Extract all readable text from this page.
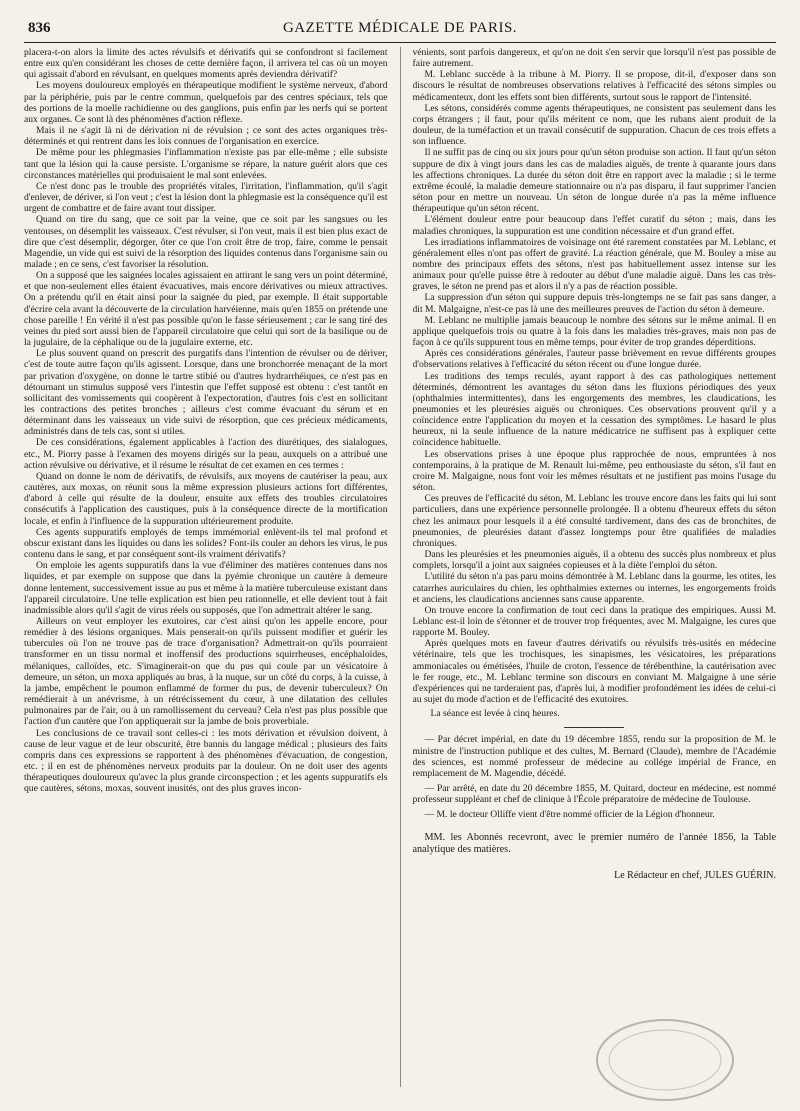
836	GAZETTE MÉDICALE DE PARIS.

placera-t-on alors la limite des actes révulsifs et dérivatifs qui se confondront si facilement entre eux qu'en considérant les choses de cette dernière façon, il arrivera tel cas où un moyen qui agissait d'abord en révulsant, en quelques moments après deviendra dérivatif?

Les moyens douloureux employés en thérapeutique modifient le système nerveux, d'abord par la périphérie, puis par le centre commun, quelquefois par des centres spéciaux, tels que des portions de la moelle rachidienne ou des ganglions, puis enfin par les nerfs qui se portent aux organes. Ce sont là des phénomènes d'action réflexe.

Mais il ne s'agit là ni de dérivation ni de révulsion ; ce sont des actes organiques très-déterminés et qui rentrent dans les lois connues de l'organisation en exercice.

De même pour les phlegmasies l'inflammation n'existe pas par elle-même ; elle subsiste tant que la lésion qui la cause persiste. L'organisme se répare, la nature guérit alors que ces circonstances matérielles qui produisaient le mal sont enlevées.

Ce n'est donc pas le trouble des propriétés vitales, l'irritation, l'inflammation, qu'il s'agit d'enlever, de dériver, si l'on veut ; c'est la lésion dont la phlegmasie est la conséquence qu'il est urgent de combattre et de faire avant tout dissiper.

Quand on tire du sang, que ce soit par la veine, que ce soit par les sangsues ou les ventouses, on désemplit les vaisseaux. C'est révulser, si l'on veut, mais il est bien plus exact de dire que c'est désemplir, dégorger, ôter ce que l'on croit être de trop, faire, comme le pensait Magendie, un vide qui est suivi de la résorption des liquides contenus dans l'organisme sain ou malade ; en ce sens, c'est favoriser la résolution.

On a supposé que les saignées locales agissaient en attirant le sang vers un point déterminé, et que non-seulement elles étaient évacuatives, mais encore dérivatives ou mieux attractives. On a prétendu qu'il en était ainsi pour la saignée du pied, par exemple. Il était supportable d'écrire cela avant la découverte de la circulation harvéienne, mais qu'en 1855 on prétende une chose pareille ! En vérité il n'est pas possible qu'on le fasse sérieusement ; car le sang tiré des veines du pied sort aussi bien de l'appareil circulatoire que celui qui sort de la basilique ou de la jugulaire, de la céphalique ou de la jugulaire externe, etc.

Le plus souvent quand on prescrit des purgatifs dans l'intention de révulser ou de dériver, c'est de toute autre façon qu'ils agissent. Lorsque, dans une bronchorrée menaçant de la mort par privation d'oxygène, on donne le tartre stibié ou d'autres hydrarrhéiques, ce n'est pas en détournant un stimulus supposé vers l'intestin que l'effet supposé est obtenu : c'est tantôt en sollicitant des vomissements qui coopèrent à l'expectoration, d'autres fois c'est en sollicitant les contractions des petites bronches ; ailleurs c'est comme évacuant du sérum et en déterminant dans les vaisseaux un vide suivi de résorption, que ces précieux médicaments, administrés dans de tels cas, sont si utiles.

De ces considérations, également applicables à l'action des diurétiques, des sialalogues, etc., M. Piorry passe à l'examen des moyens dirigés sur la peau, auxquels on a attribué une action révulsive ou dérivative, et il résume le résultat de cet examen en ces termes :

Quand on donne le nom de dérivatifs, de révulsifs, aux moyens de cautériser la peau, aux cautères, aux moxas, on réunit sous la même expression plusieurs actions fort différentes, d'abord à celle qui résulte de la douleur, ensuite aux effets des troubles circulatoires consécutifs à l'application des caustiques, puis à la conséquence directe de la mortification locale, et enfin à l'influence de la suppuration ultérieurement produite.

Ces agents suppuratifs employés de temps immémorial enlèvent-ils tel mal profond et obscur existant dans les liquides ou dans les solides? Font-ils couler au dehors les virus, le pus contenu dans le sang, et par conséquent sont-ils vraiment dérivatifs?

On emploie les agents suppuratifs dans la vue d'éliminer des matières contenues dans nos liquides, et par exemple on suppose que dans la pyémie chronique un cautère à demeure donne lentement, successivement issue au pus et même à la matière tuberculeuse existant dans l'appareil circulatoire. Une telle explication est bien peu rationnelle, et elle devient tout à fait inadmissible alors qu'il s'agit de virus réels ou supposés, que l'on admettrait altérer le sang.

Ailleurs on veut employer les exutoires, car c'est ainsi qu'on les appelle encore, pour remédier à des lésions organiques. Mais penserait-on qu'ils puissent modifier et guérir les tubercules où l'on ne trouve pas de trace d'organisation? Admettrait-on qu'ils pourraient transformer en un tissu normal et inoffensif des productions squirrheuses, encéphaloïdes, mélaniques, calloïdes, etc. S'imaginerait-on que du pus qui coule par un vésicatoire à demeure, un séton, un moxa appliqués au bras, à la nuque, sur un côté du corps, à la cuisse, à la jambe, empêchent le poumon enflammé de former du pus, de devenir tuberculeux? On remédierait à un anévrisme, à un rétrécissement du cœur, à une dilatation des cellules pulmonaires par de l'air, ou à un ramollissement du cerveau? Cela n'est pas plus possible que l'action d'un cautère que l'on appliquerait sur la jambe de bois proverbiale.

Les conclusions de ce travail sont celles-ci : les mots dérivation et révulsion doivent, à cause de leur vague et de leur obscurité, être bannis du langage médical ; plusieurs des faits compris dans ces expressions se rapportent à des phénomènes d'évacuation, de congestion, etc. ; il en est de phénomènes nerveux produits par la douleur. On ne doit user des agents thérapeutiques douloureux qu'avec la plus grande circonspection ; et les agents suppuratifs els que cautères, sétons, moxas, souvent inusités, ont des plus graves incon-

vénients, sont parfois dangereux, et qu'on ne doit s'en servir que lorsqu'il n'est pas possible de faire autrement.

M. Leblanc succède à la tribune à M. Piorry. Il se propose, dit-il, d'exposer dans son discours le résultat de nombreuses observations relatives à l'efficacité des sétons simples ou médicamenteux, dont les effets sont bien différents, surtout sous le rapport de l'intensité.

Les sétons, considérés comme agents thérapeutiques, ne consistent pas seulement dans les corps étrangers ; il faut, pour qu'ils méritent ce nom, que les rubans aient produit de la douleur, de la tuméfaction et un travail consécutif de suppuration. Chacun de ces trois effets a son influence.

Il ne suffit pas de cinq ou six jours pour qu'un séton produise son action. Il faut qu'un séton suppure de dix à vingt jours dans les cas de maladies aiguës, de trente à quarante jours dans les affections chroniques. La durée du séton doit être en rapport avec la maladie ; si le terme extrême écoulé, la maladie demeure stationnaire ou n'a pas disparu, il faut supprimer l'ancien séton pour en mettre un nouveau. Un séton de longue durée n'a pas la même influence thérapeutique qu'un séton récent.

L'élément douleur entre pour beaucoup dans l'effet curatif du séton ; mais, dans les maladies chroniques, la suppuration est une condition nécessaire et d'un grand effet.

Les irradiations inflammatoires de voisinage ont été rarement constatées par M. Leblanc, et généralement elles n'ont pas offert de gravité. La réaction générale, que M. Bouley a mise au nombre des principaux effets des sétons, n'est pas habituellement assez intense sur les animaux pour qu'elle puisse être à redouter au début d'une maladie aiguë. Dans les cas très-graves, le séton ne prend pas et alors il n'y a pas de réaction possible.

La suppression d'un séton qui suppure depuis très-longtemps ne se fait pas sans danger, a dit M. Malgaigne, n'est-ce pas là une des meilleures preuves de l'action du séton à demeure.

M. Leblanc ne multiplie jamais beaucoup le nombre des sétons sur le même animal. Il en applique quelquefois trois ou quatre à la fois dans les maladies très-graves, mais non pas de façon à ce qu'ils suppurent tous en même temps, pour éviter de trop grandes déperditions.

Après ces considérations générales, l'auteur passe brièvement en revue différents groupes d'observations relatives à l'efficacité du séton récent ou d'une longue durée.

Les traditions des temps reculés, ayant rapport à des cas pathologiques nettement déterminés, démontrent les avantages du séton dans les fluxions périodiques des yeux (ophthalmies intermittentes), dans les engorgements des membres, les claudications, les pneumonies et les pleurésies aiguës ou chroniques. Ces observations prouvent qu'il y a coïncidence entre l'application du moyen et la cessation des symptômes. Le hasard le plus heureux, ni la seule influence de la nature médicatrice ne suffisent pas à expliquer cette coïncidence habituelle.

Les observations prises à une époque plus rapprochée de nous, empruntées à nos contemporains, à la pratique de M. Renault lui-même, peu enthousiaste du séton, s'il faut en croire M. Malgaigne, nous font voir les mêmes résultats et ne justifient pas moins l'usage du séton.

Ces preuves de l'efficacité du séton, M. Leblanc les trouve encore dans les faits qui lui sont particuliers, dans une expérience personnelle prolongée. Il a obtenu d'heureux effets du séton chez les animaux pour lesquels il a été consulté tardivement, dans des cas de bronchites, de pneumonies, de pleurésies datant d'assez longtemps pour être qualifiées de maladies chroniques.

Dans les pleurésies et les pneumonies aiguës, il a obtenu des succès plus nombreux et plus complets, lorsqu'il a joint aux saignées copieuses et à la diète l'emploi du séton.

L'utilité du séton n'a pas paru moins démontrée à M. Leblanc dans la gourme, les otites, les catarrhes auriculaires du chien, les ophthalmies externes ou internes, les engorgements froids et anciens, les claudications anciennes sans cause apparente.

On trouve encore la confirmation de tout ceci dans la pratique des empiriques. Aussi M. Leblanc est-il loin de s'étonner et de trouver trop fréquentes, avec M. Malgaigne, les cures que rapporte M. Bouley.

Après quelques mots en faveur d'autres dérivatifs ou révulsifs très-usités en médecine vétérinaire, tels que les trochisques, les sinapismes, les vésicatoires, les préparations ammoniacales ou émétisées, l'huile de croton, l'essence de térébenthine, la cautérisation avec le fer rouge, etc., M. Leblanc termine son discours en conviant M. Malgaigne à une série d'expériences qui ne tarderaient pas, d'après lui, à modifier profondément les idées de celui-ci au sujet du mode d'action et de l'efficacité des exutoires.

La séance est levée à cinq heures.

— Par décret impérial, en date du 19 décembre 1855, rendu sur la proposition de M. le ministre de l'instruction publique et des cultes, M. Bernard (Claude), membre de l'Académie des sciences, est nommé professeur de médecine au collége impérial de France, en remplacement de M. Magendie, décédé.

— Par arrêté, en date du 20 décembre 1855, M. Quitard, docteur en médecine, est nommé professeur suppléant et chef de clinique à l'École préparatoire de médecine de Toulouse.

— M. le docteur Olliffe vient d'être nommé officier de la Légion d'honneur.

MM. les Abonnés recevront, avec le premier numéro de l'année 1856, la Table analytique des matières.

Le Rédacteur en chef, JULES GUÉRIN.
